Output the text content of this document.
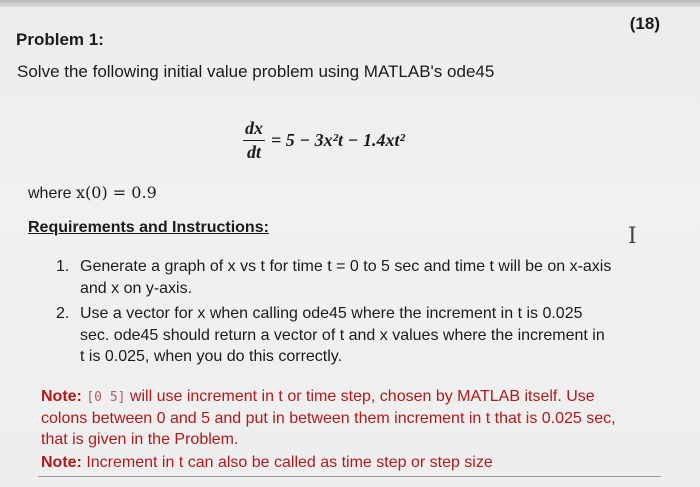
(18)
Problem 1:
Solve the following initial value problem using MATLAB's ode45
$\frac{dx}{dt} = 5 - 3x^2t - 1.4xt^2$
where x(0) = 0.9
Requirements and Instructions:	I
1. Generate a graph of x vs t for time t = 0 to 5 sec and time t will be on x-axis
and x on y-axis.
2. Use a vector for x when calling ode45 where the increment in t is 0.025
sec. ode45 should return a vector of t and x values where the increment in
t is 0.025, when you do this correctly.
Note: [0 5] will use increment in t or time step, chosen by MATLAB itself. Use
colons between 0 and 5 and put in between them increment in t that is 0.025 sec,
that is given in the Problem.
Note: Increment in t can also be called as time step or step size
